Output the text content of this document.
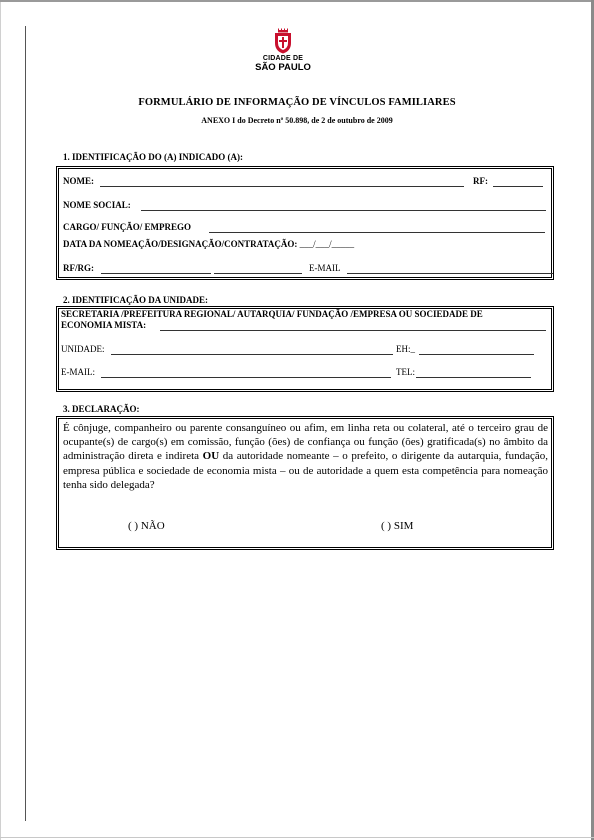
CIDADE DE
SÃO PAULO
FORMULÁRIO DE INFORMAÇÃO DE VÍNCULOS FAMILIARES
ANEXO I do Decreto nº 50.898, de 2 de outubro de 2009
1. IDENTIFICAÇÃO DO (A) INDICADO (A):
NOME:	RF:
NOME SOCIAL:
CARGO/ FUNÇÃO/ EMPREGO
DATA DA NOMEAÇÃO/DESIGNAÇÃO/CONTRATAÇÃO: ___/___/_____
RF/RG:	E-MAIL
2. IDENTIFICAÇÃO DA UNIDADE:
SECRETARIA /PREFEITURA REGIONAL/ AUTARQUIA/ FUNDAÇÃO /EMPRESA OU SOCIEDADE DE
ECONOMIA MISTA:
UNIDADE:	EH:_
E-MAIL:	TEL:
3. DECLARAÇÃO:
É cônjuge, companheiro ou parente consanguíneo ou afim, em linha reta ou colateral, até o terceiro grau de ocupante(s) de cargo(s) em comissão, função (ões) de confiança ou função (ões) gratificada(s) no âmbito da administração direta e indireta OU da autoridade nomeante – o prefeito, o dirigente da autarquia, fundação, empresa pública e sociedade de economia mista – ou de autoridade a quem esta competência para nomeação tenha sido delegada?
( ) NÃO	( ) SIM
